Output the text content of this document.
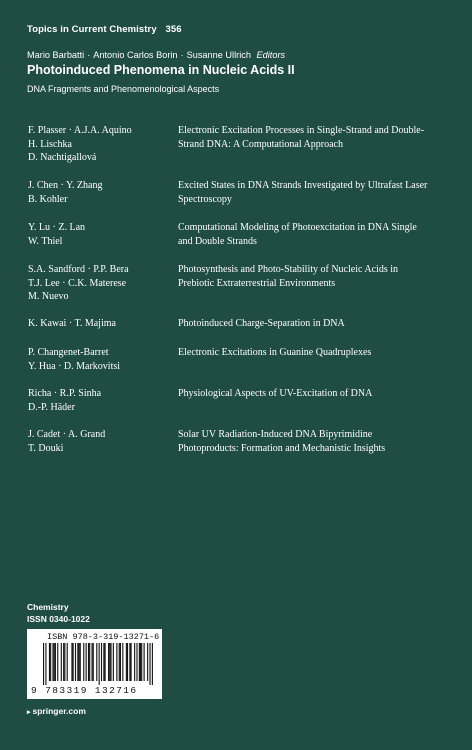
Topics in Current Chemistry 356
Mario Barbatti · Antonio Carlos Borin · Susanne Ullrich Editors
Photoinduced Phenomena in Nucleic Acids II
DNA Fragments and Phenomenological Aspects
F. Plasser · A.J.A. Aquino
H. Lischka
D. Nachtigallová
Electronic Excitation Processes in Single-Strand and Double-
Strand DNA: A Computational Approach
J. Chen · Y. Zhang
B. Kohler
Excited States in DNA Strands Investigated by Ultrafast Laser
Spectroscopy
Y. Lu · Z. Lan
W. Thiel
Computational Modeling of Photoexcitation in DNA Single
and Double Strands
S.A. Sandford · P.P. Bera
T.J. Lee · C.K. Materese
M. Nuevo
Photosynthesis and Photo-Stability of Nucleic Acids in
Prebiotic Extraterrestrial Environments
K. Kawai · T. Majima	Photoinduced Charge-Separation in DNA
P. Changenet-Barret
Y. Hua · D. Markovitsi
Electronic Excitations in Guanine Quadruplexes
Richa · R.P. Sinha
D.-P. Häder
Physiological Aspects of UV-Excitation of DNA
J. Cadet · A. Grand
T. Douki
Solar UV Radiation-Induced DNA Bipyrimidine
Photoproducts: Formation and Mechanistic Insights
Chemistry
ISSN 0340-1022
ISBN 978-3-319-13271-6
9 783319 132716
▸ springer.com
